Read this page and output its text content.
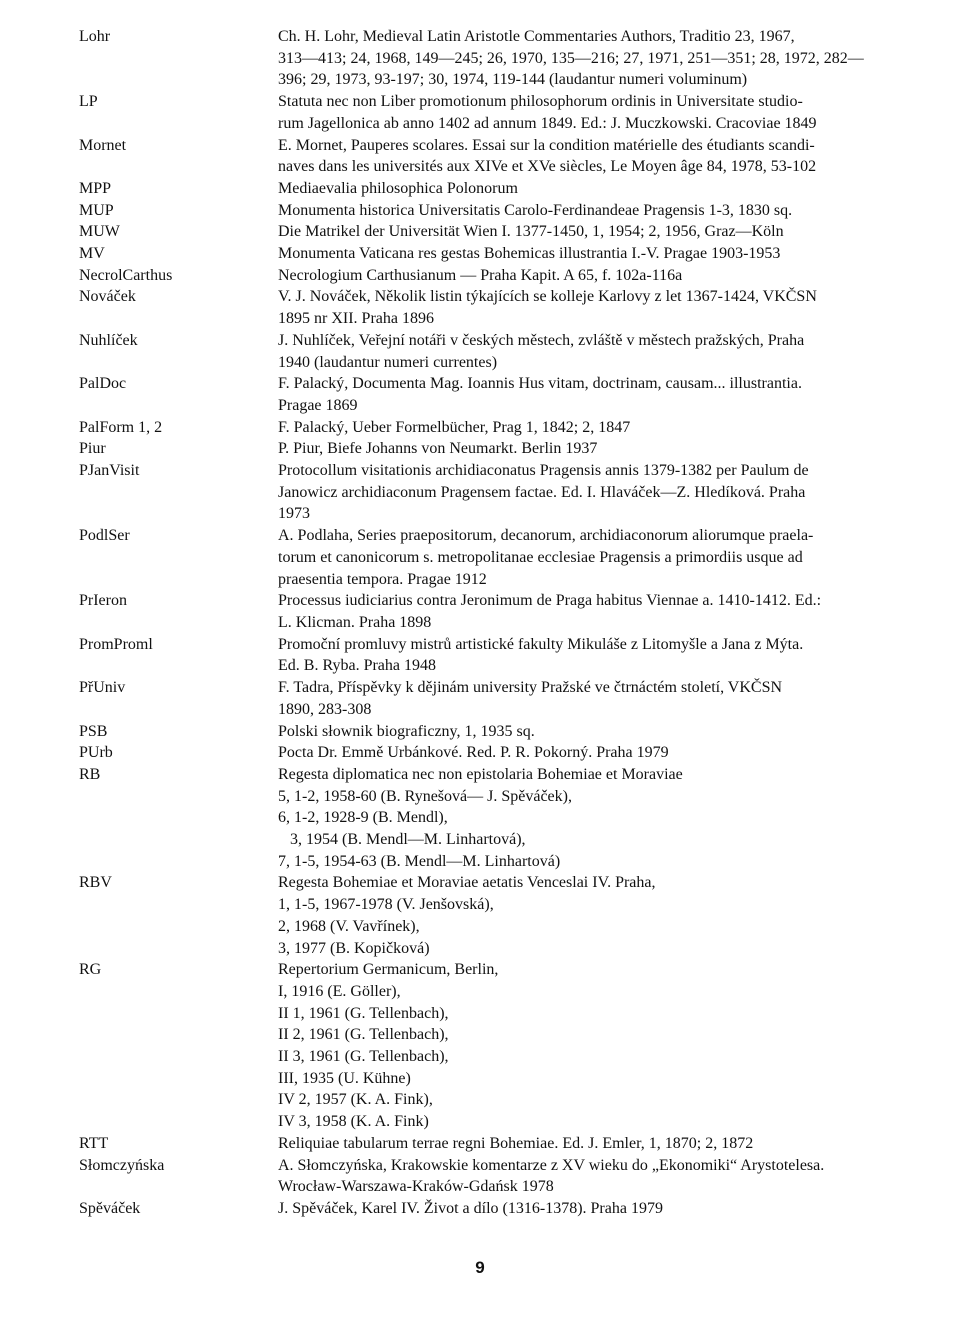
Lohr	Ch. H. Lohr, Medieval Latin Aristotle Commentaries Authors, Traditio 23, 1967,
313—413; 24, 1968, 149—245; 26, 1970, 135—216; 27, 1971, 251—351; 28, 1972, 282—
396; 29, 1973, 93-197; 30, 1974, 119-144 (laudantur numeri voluminum)
LP	Statuta nec non Liber promotionum philosophorum ordinis in Universitate studio-
rum Jagellonica ab anno 1402 ad annum 1849. Ed.: J. Muczkowski. Cracoviae 1849
Mornet	E. Mornet, Pauperes scolares. Essai sur la condition matérielle des étudiants scandi-
naves dans les universités aux XIVe et XVe siècles, Le Moyen âge 84, 1978, 53-102
MPP	Mediaevalia philosophica Polonorum
MUP	Monumenta historica Universitatis Carolo-Ferdinandeae Pragensis 1-3, 1830 sq.
MUW	Die Matrikel der Universität Wien I. 1377-1450, 1, 1954; 2, 1956, Graz—Köln
MV	Monumenta Vaticana res gestas Bohemicas illustrantia I.-V. Pragae 1903-1953
NecrolCarthus	Necrologium Carthusianum — Praha Kapit. A 65, f. 102a-116a
Nováček	V. J. Nováček, Několik listin týkajících se kolleje Karlovy z let 1367-1424, VKČSN
1895 nr XII. Praha 1896
Nuhlíček	J. Nuhlíček, Veřejní notáři v českých městech, zvláště v městech pražských, Praha
1940 (laudantur numeri currentes)
PalDoc	F. Palacký, Documenta Mag. Ioannis Hus vitam, doctrinam, causam... illustrantia.
Pragae 1869
PalForm 1, 2	F. Palacký, Ueber Formelbücher, Prag 1, 1842; 2, 1847
Piur	P. Piur, Biefe Johanns von Neumarkt. Berlin 1937
PJanVisit	Protocollum visitationis archidiaconatus Pragensis annis 1379-1382 per Paulum de
Janowicz archidiaconum Pragensem factae. Ed. I. Hlaváček—Z. Hledíková. Praha
1973
PodlSer	A. Podlaha, Series praepositorum, decanorum, archidiaconorum aliorumque praela-
torum et canonicorum s. metropolitanae ecclesiae Pragensis a primordiis usque ad
praesentia tempora. Pragae 1912
PrIeron	Processus iudiciarius contra Jeronimum de Praga habitus Viennae a. 1410-1412. Ed.:
L. Klicman. Praha 1898
PromProml	Promoční promluvy mistrů artistické fakulty Mikuláše z Litomyšle a Jana z Mýta.
Ed. B. Ryba. Praha 1948
PřUniv	F. Tadra, Příspěvky k dějinám university Pražské ve čtrnáctém století, VKČSN
1890, 283-308
PSB	Polski słownik biograficzny, 1, 1935 sq.
PUrb	Pocta Dr. Emmě Urbánkové. Red. P. R. Pokorný. Praha 1979
RB	Regesta diplomatica nec non epistolaria Bohemiae et Moraviae
5, 1-2, 1958-60 (B. Rynešová— J. Spěváček),
6, 1-2, 1928-9 (B. Mendl),
3, 1954 (B. Mendl—M. Linhartová),
7, 1-5, 1954-63 (B. Mendl—M. Linhartová)
RBV	Regesta Bohemiae et Moraviae aetatis Venceslai IV. Praha,
1, 1-5, 1967-1978 (V. Jenšovská),
2, 1968 (V. Vavřínek),
3, 1977 (B. Kopičková)
RG	Repertorium Germanicum, Berlin,
I, 1916 (E. Göller),
II 1, 1961 (G. Tellenbach),
II 2, 1961 (G. Tellenbach),
II 3, 1961 (G. Tellenbach),
III, 1935 (U. Kühne)
IV 2, 1957 (K. A. Fink),
IV 3, 1958 (K. A. Fink)
RTT	Reliquiae tabularum terrae regni Bohemiae. Ed. J. Emler, 1, 1870; 2, 1872
Słomczyńska	A. Słomczyńska, Krakowskie komentarze z XV wieku do „Ekonomiki“ Arystotelesa.
Wrocław-Warszawa-Kraków-Gdańsk 1978
Spěváček	J. Spěváček, Karel IV. Život a dílo (1316-1378). Praha 1979
9
